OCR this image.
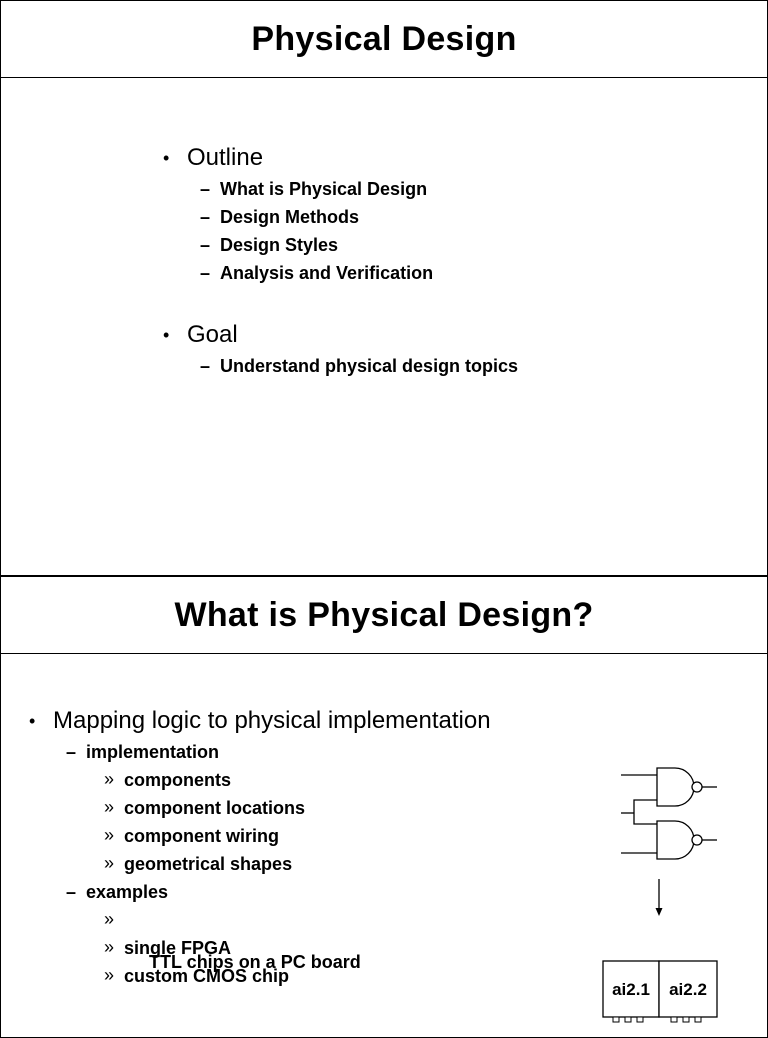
Physical Design
• Outline
– What is Physical Design
– Design Methods
– Design Styles
– Analysis and Verification
• Goal
– Understand physical design topics
What is Physical Design?
• Mapping logic to physical implementation
– implementation
» components
» component locations
» component wiring
» geometrical shapes
– examples

»

TTL chips on a PC board

» single FPGA
» custom CMOS chip
ai2.1 ai2.2
